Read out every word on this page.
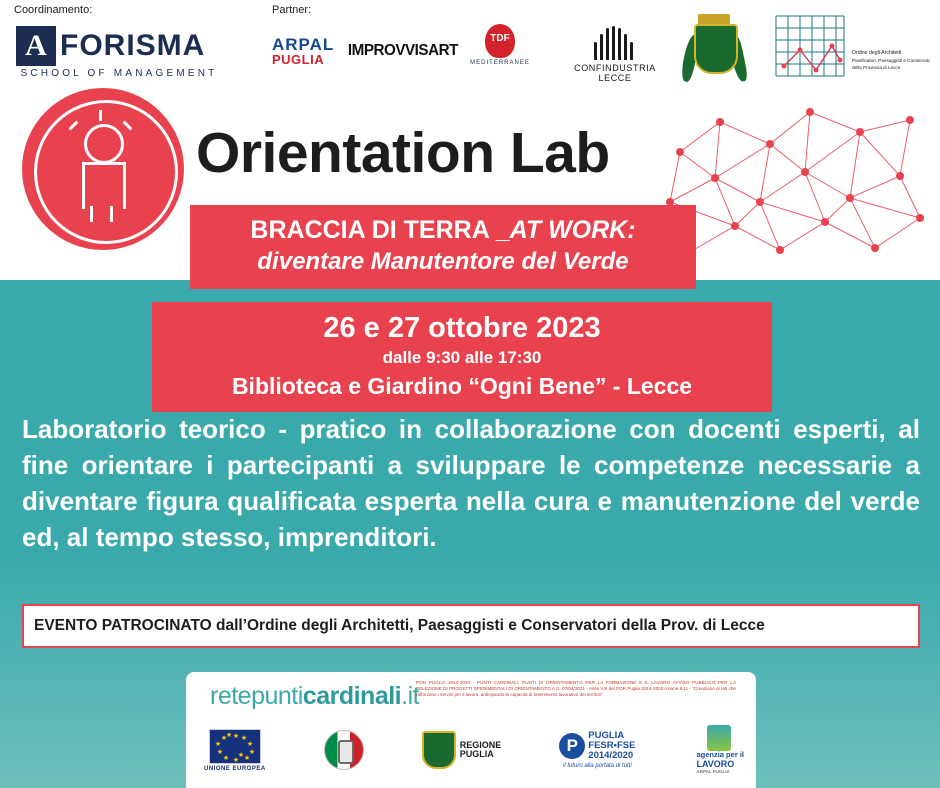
Coordinamento:	Partner:
A FORISMA
SCHOOL OF MANAGEMENT
ARPAL
PUGLIA
IMPROVVISART
TDF
MEDITERRANEE	CONFINDUSTRIA LECCE
Ordine degli Architetti
Pianificatori, Paesaggisti e Conservatori
della Provincia di Lecce
Orientation Lab
BRACCIA DI TERRA _AT WORK:
diventare Manutentore del Verde
26 e 27 ottobre 2023
dalle 9:30 alle 17:30
Biblioteca e Giardino “Ogni Bene” - Lecce
Laboratorio teorico - pratico in collaborazione con docenti esperti, al fine orientare i partecipanti a sviluppare le competenze necessarie a diventare figura qualificata esperta nella cura e manutenzione del verde ed, al tempo stesso, imprenditori.
EVENTO PATROCINATO dall’Ordine degli Architetti, Paesaggisti e Conservatori della Prov. di Lecce
retepunticardinali.it
POR PUGLIA 2014-2020 - PUNTI CARDINALI: PUNTI DI ORIENTAMENTO PER LA FORMAZIONE E IL LAVORO AVVISO PUBBLICO PER LA SELEZIONE DI PROGETTI SPERIMENTALI DI ORIENTAMENTO A.D. 07/04/2021 - Asse VIII del POR Puglia 2014-2020 Azione 8.11 - “Creazione di reti che rafforzano i servizi per il lavoro, anticipando le capacità di inserimento lavorativo dei territori”
★ ★
★
★
★
★
★
★
★
★
★
★
UNIONE EUROPEA
REGIONE
PUGLIA	P
PUGLIA
FESR•FSE
2014/2020
il futuro alla portata di tutti
agenzia per il
LAVORO
ARPAL PUGLIA
